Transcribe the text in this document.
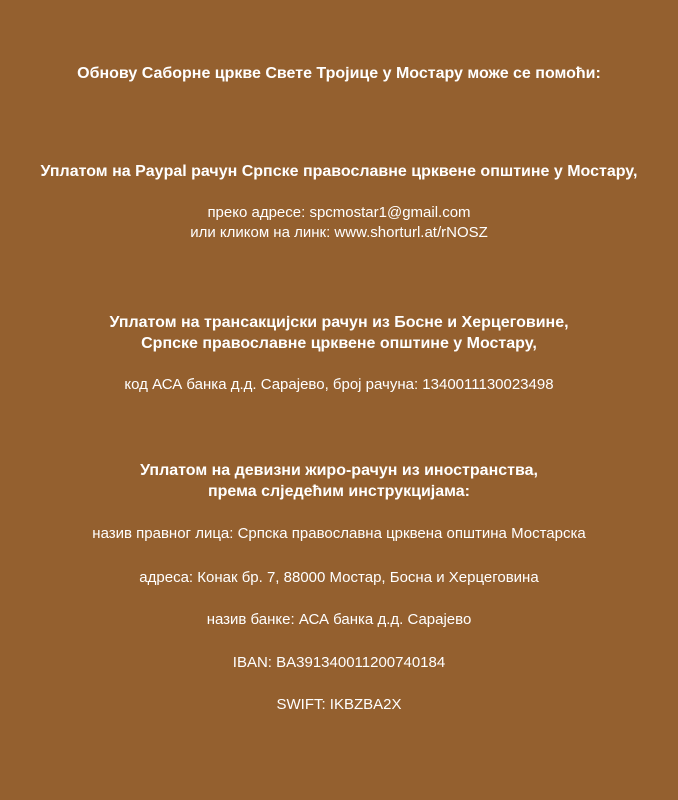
Обнову Саборне цркве Свете Тројице у Мостару може се помоћи:
Уплатом на Paypal рачун Српске православне црквене општине у Мостару,
преко адресе: spcmostar1@gmail.com
или кликом на линк: www.shorturl.at/rNOSZ
Уплатом на трансакцијски рачун из Босне и Херцеговине,
Српске православне црквене општине у Мостару,
код АСА банка д.д. Сарајево, број рачуна: 1340011130023498
Уплатом на девизни жиро-рачун из иностранства,
према слједећим инструкцијама:
назив правног лица: Српска православна црквена општина Мостарска
адреса: Конак бр. 7, 88000 Мостар, Босна и Херцеговина
назив банке: АСА банка д.д. Сарајево
IBAN: BA391340011200740184
SWIFT: IKBZBA2X
